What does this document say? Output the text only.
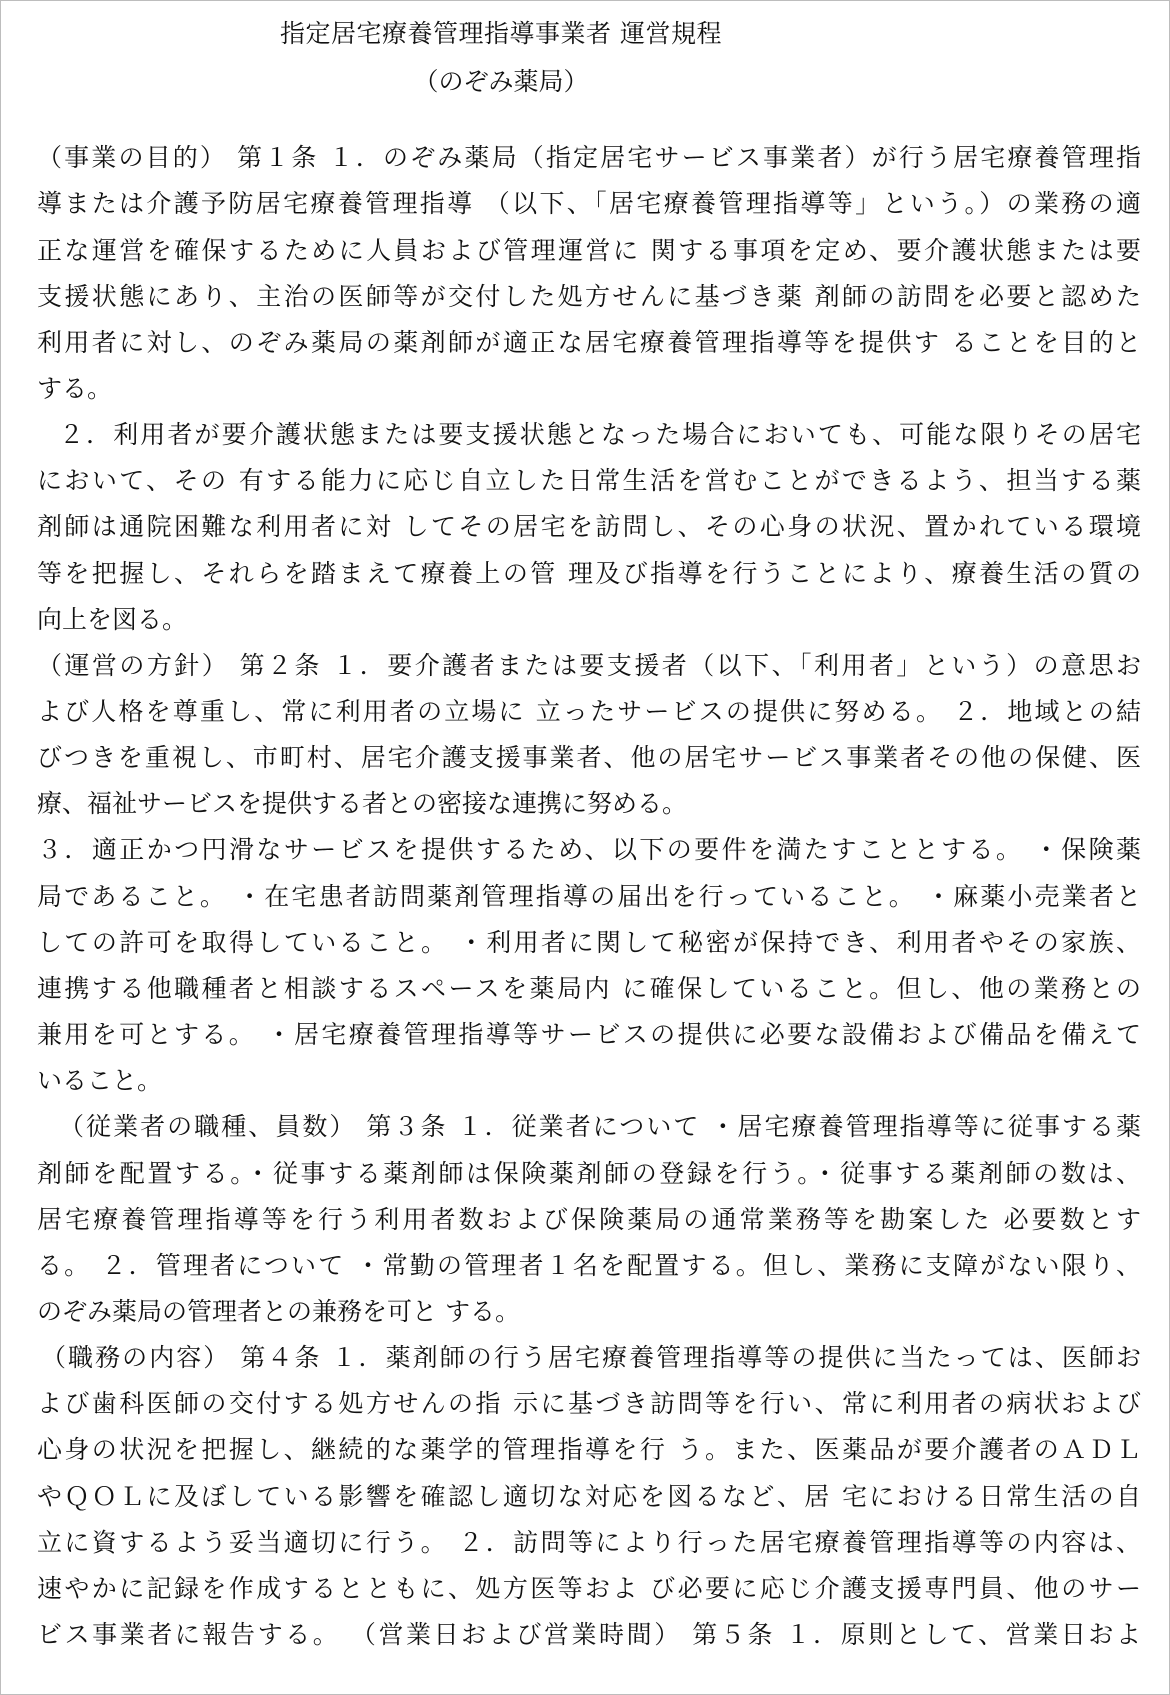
指定居宅療養管理指導事業者 運営規程
（のぞみ薬局）
（事業の目的） 第１条 １．のぞみ薬局（指定居宅サービス事業者）が行う居宅療養管理指
導または介護予防居宅療養管理指導 （以下、「居宅療養管理指導等」という。）の業務の適
正な運営を確保するために人員および管理運営に 関する事項を定め、要介護状態または要
支援状態にあり、主治の医師等が交付した処方せんに基づき薬 剤師の訪問を必要と認めた
利用者に対し、のぞみ薬局の薬剤師が適正な居宅療養管理指導等を提供す ることを目的と
する。
２．利用者が要介護状態または要支援状態となった場合においても、可能な限りその居宅
において、その 有する能力に応じ自立した日常生活を営むことができるよう、担当する薬
剤師は通院困難な利用者に対 してその居宅を訪問し、その心身の状況、置かれている環境
等を把握し、それらを踏まえて療養上の管 理及び指導を行うことにより、療養生活の質の
向上を図る。
（運営の方針） 第２条 １．要介護者または要支援者（以下、「利用者」という）の意思お
よび人格を尊重し、常に利用者の立場に 立ったサービスの提供に努める。 ２．地域との結
びつきを重視し、市町村、居宅介護支援事業者、他の居宅サービス事業者その他の保健、医
療、福祉サービスを提供する者との密接な連携に努める。
３．適正かつ円滑なサービスを提供するため、以下の要件を満たすこととする。 ・保険薬
局であること。 ・在宅患者訪問薬剤管理指導の届出を行っていること。 ・麻薬小売業者と
しての許可を取得していること。 ・利用者に関して秘密が保持でき、利用者やその家族、
連携する他職種者と相談するスペースを薬局内 に確保していること。但し、他の業務との
兼用を可とする。 ・居宅療養管理指導等サービスの提供に必要な設備および備品を備えて
いること。
（従業者の職種、員数） 第３条 １．従業者について ・居宅療養管理指導等に従事する薬
剤師を配置する。・従事する薬剤師は保険薬剤師の登録を行う。・従事する薬剤師の数は、
居宅療養管理指導等を行う利用者数および保険薬局の通常業務等を勘案した 必要数とす
る。 ２．管理者について ・常勤の管理者１名を配置する。但し、業務に支障がない限り、
のぞみ薬局の管理者との兼務を可と する。
（職務の内容） 第４条 １．薬剤師の行う居宅療養管理指導等の提供に当たっては、医師お
よび歯科医師の交付する処方せんの指 示に基づき訪問等を行い、常に利用者の病状および
心身の状況を把握し、継続的な薬学的管理指導を行 う。また、医薬品が要介護者のＡＤＬ
やＱＯＬに及ぼしている影響を確認し適切な対応を図るなど、居 宅における日常生活の自
立に資するよう妥当適切に行う。 ２．訪問等により行った居宅療養管理指導等の内容は、
速やかに記録を作成するとともに、処方医等およ び必要に応じ介護支援専門員、他のサー
ビス事業者に報告する。 （営業日および営業時間） 第５条 １．原則として、営業日およ
